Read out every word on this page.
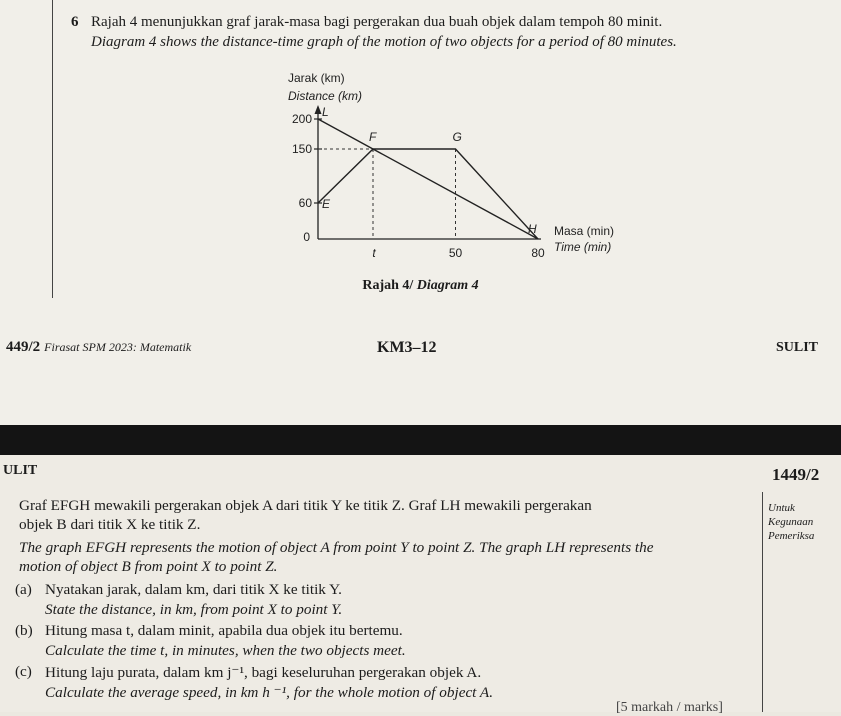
6 Rajah 4 menunjukkan graf jarak-masa bagi pergerakan dua buah objek dalam tempoh 80 minit.
Diagram 4 shows the distance-time graph of the motion of two objects for a period of 80 minutes.
Jarak (km)
Distance (km)
200
150
60
0
t	50	80
L
F	G
E
H Masa (min)
Time (min)
Rajah 4/ Diagram 4
449/2 Firasat SPM 2023: Matematik	KM3–12	SULIT
ULIT	1449/2
Graf EFGH mewakili pergerakan objek A dari titik Y ke titik Z. Graf LH mewakili pergerakan
objek B dari titik X ke titik Z.
The graph EFGH represents the motion of object A from point Y to point Z. The graph LH represents the
motion of object B from point X to point Z.
(a) Nyatakan jarak, dalam km, dari titik X ke titik Y.
State the distance, in km, from point X to point Y.
(b) Hitung masa t, dalam minit, apabila dua objek itu bertemu.
Calculate the time t, in minutes, when the two objects meet.
(c) Hitung laju purata, dalam km j⁻¹, bagi keseluruhan pergerakan objek A.
Calculate the average speed, in km h ⁻¹, for the whole motion of object A.
Untuk
Kegunaan
Pemeriksa
[5 markah / marks]
